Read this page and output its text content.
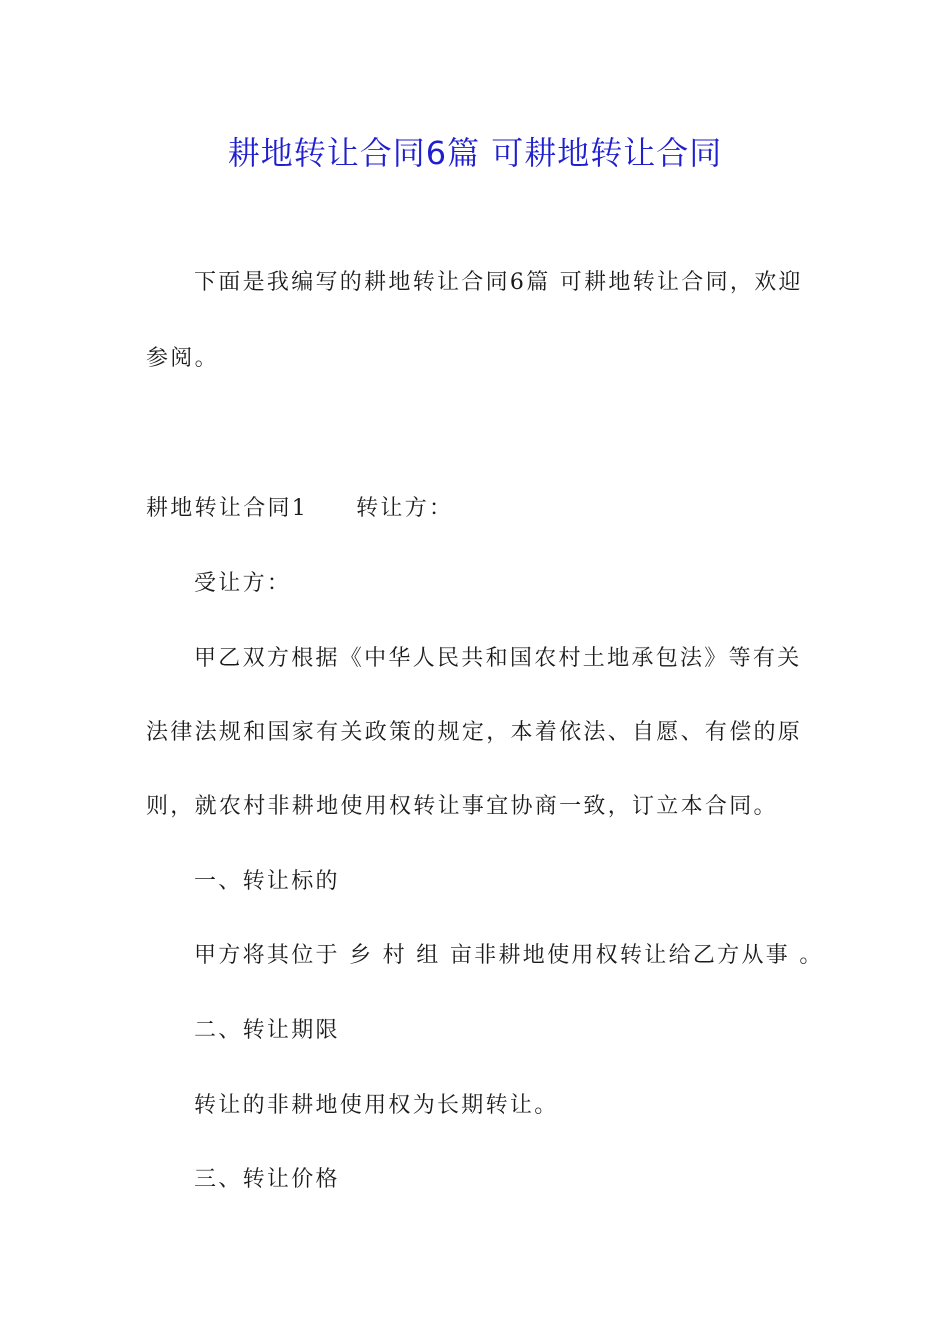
耕地转让合同6篇 可耕地转让合同

下面是我编写的耕地转让合同6篇 可耕地转让合同，欢迎

参阅。

耕地转让合同1 转让方：

受让方：

甲乙双方根据《中华人民共和国农村土地承包法》等有关

法律法规和国家有关政策的规定，本着依法、自愿、有偿的原

则，就农村非耕地使用权转让事宜协商一致，订立本合同。

一、转让标的

甲方将其位于 乡 村 组 亩非耕地使用权转让给乙方从事 。

二、转让期限

转让的非耕地使用权为长期转让。

三、转让价格
